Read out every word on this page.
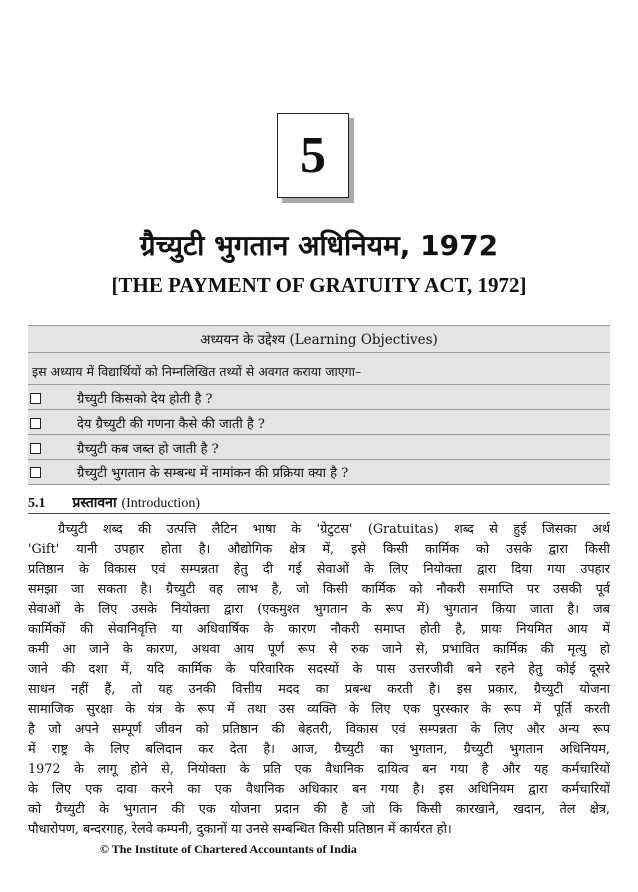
5
ग्रैच्युटी भुगतान अधिनियम, 1972
[THE PAYMENT OF GRATUITY ACT, 1972]
अध्ययन के उद्देश्य (Learning Objectives)
इस अध्याय में विद्यार्थियों को निम्नलिखित तथ्यों से अवगत कराया जाएगा–
ग्रैच्युटी किसको देय होती है ?
देय ग्रैच्युटी की गणना कैसे की जाती है ?
ग्रैच्युटी कब जब्त हो जाती है ?
ग्रैच्युटी भुगतान के सम्बन्ध में नामांकन की प्रक्रिया क्या है ?
5.1 प्रस्तावना (Introduction)
ग्रैच्युटी शब्द की उत्पत्ति लैटिन भाषा के 'ग्रेटुटस' (Gratuitas) शब्द से हुई जिसका अर्थ
'Gift' यानी उपहार होता है। औद्योगिक क्षेत्र में, इसे किसी कार्मिक को उसके द्वारा किसी
प्रतिष्ठान के विकास एवं सम्पन्नता हेतु दी गई सेवाओं के लिए नियोक्ता द्वारा दिया गया उपहार
समझा जा सकता है। ग्रैच्युटी वह लाभ है, जो किसी कार्मिक को नौकरी समाप्ति पर उसकी पूर्व
सेवाओं के लिए उसके नियोक्ता द्वारा (एकमुश्त भुगतान के रूप में) भुगतान किया जाता है। जब
कार्मिकों की सेवानिवृत्ति या अधिवार्षिक के कारण नौकरी समाप्त होती है, प्रायः नियमित आय में
कमी आ जाने के कारण, अथवा आय पूर्ण रूप से रुक जाने से, प्रभावित कार्मिक की मृत्यु हो
जाने की दशा में, यदि कार्मिक के परिवारिक सदस्यों के पास उत्तरजीवी बने रहने हेतु कोई दूसरे
साधन नहीं हैं, तो यह उनकी वित्तीय मदद का प्रबन्ध करती है। इस प्रकार, ग्रैच्युटी योजना
सामाजिक सुरक्षा के यंत्र के रूप में तथा उस व्यक्ति के लिए एक पुरस्कार के रूप में पूर्ति करती
है जो अपने सम्पूर्ण जीवन को प्रतिष्ठान की बेहतरी, विकास एवं सम्पन्नता के लिए और अन्य रूप
में राष्ट्र के लिए बलिदान कर देता है। आज, ग्रैच्युटी का भुगतान, ग्रैच्युटी भुगतान अधिनियम,
1972 के लागू होने से, नियोक्ता के प्रति एक वैधानिक दायित्व बन गया है और यह कर्मचारियों
के लिए एक दावा करने का एक वैधानिक अधिकार बन गया है। इस अधिनियम द्वारा कर्मचारियों
को ग्रैच्युटी के भुगतान की एक योजना प्रदान की है जो कि किसी कारखाने, खदान, तेल क्षेत्र,
पौधारोपण, बन्दरगाह, रेलवे कम्पनी, दुकानों या उनसे सम्बन्धित किसी प्रतिष्ठान में कार्यरत हो।
© The Institute of Chartered Accountants of India
